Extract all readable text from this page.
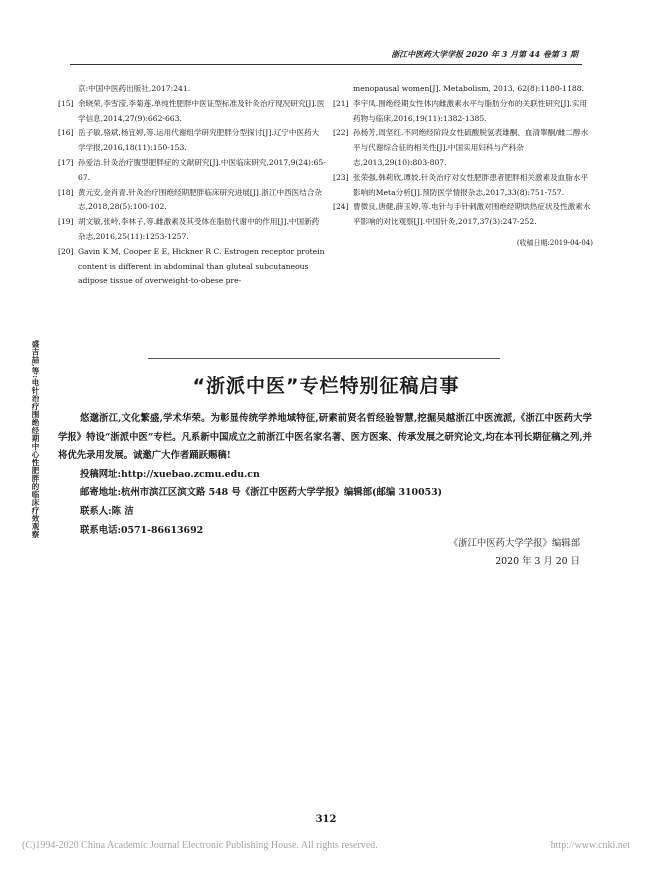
浙江中医药大学学报 2020 年 3 月第 44 卷第 3 期
京:中国中医药出版社,2017:241.
[15] 余晓荣,李雪滢,李菊莲.单纯性肥胖中医证型标准及针灸治疗现况研究[J].医学信息,2014,27(9):662-663.
[16] 岳子敏,骆斌,杨宜婷,等.运用代谢组学研究肥胖分型探讨[J].辽宁中医药大学学报,2016,18(11):150-153.
[17] 孙爱洁.针灸治疗腹型肥胖症的文献研究[J].中医临床研究,2017,9(24):65-67.
[18] 黄元安,金肖青.针灸治疗围绝经期肥胖临床研究进展[J].浙江中西医结合杂志,2018,28(5):100-102.
[19] 胡文敏,张岭,李林子,等.雌激素及其受体在脂肪代谢中的作用[J].中国新药杂志,2016,25(11):1253-1257.
[20] Gavin K M, Cooper E E, Hickner R C. Estrogen receptor protein content is different in abdominal than gluteal subcutaneous adipose tissue of overweight-to-obese pre-
menopausal women[J]. Metabolism, 2013, 62(8):1180-1188.
[21] 李宇凤.围绝经期女性体内雌激素水平与脂肪分布的关联性研究[J].实用药物与临床,2016,19(11):1382-1385.
[22] 孙杨芳,周坚红.不同绝经阶段女性硫酸脱氢表雄酮、血清睾酮/雌二醇水平与代谢综合征的相关性[J].中国实用妇科与产科杂志,2013,29(10):803-807.
[23] 张荣强,韩莉欣,谭姣.针灸治疗对女性肥胖患者肥胖相关激素及血脂水平影响的Meta分析[J].预防医学情报杂志,2017,33(8):751-757.
[24] 曹微良,唐健,薛玉婷,等.电针与手针刺激对围绝经期烘热症状及性激素水平影响的对比观察[J].中国针灸,2017,37(3):247-252.
(收稿日期:2019-04-04)
盛吉喆,等:电针治疗围绝经期中心性肥胖的临床疗效观察	“浙派中医”专栏特别征稿启事

悠邈浙江,文化繁盛,学术华荣。为彰显传统学养地域特征,研素前贤名哲经验智慧,挖掘吴越浙江中医流派,《浙江中医药大学学报》特设“浙派中医”专栏。凡系新中国成立之前浙江中医名家名著、医方医案、传承发展之研究论文,均在本刊长期征稿之列,并将优先录用发展。诚邀广大作者踊跃赐稿!

投稿网址:http://xuebao.zcmu.edu.cn
邮寄地址:杭州市滨江区滨文路 548 号《浙江中医药大学学报》编辑部(邮编 310053)
联系人:陈 洁
联系电话:0571-86613692
《浙江中医药大学学报》编辑部
2020 年 3 月 20 日
312
(C)1994-2020 China Academic Journal Electronic Publishing House. All rights reserved.	http://www.cnki.net
